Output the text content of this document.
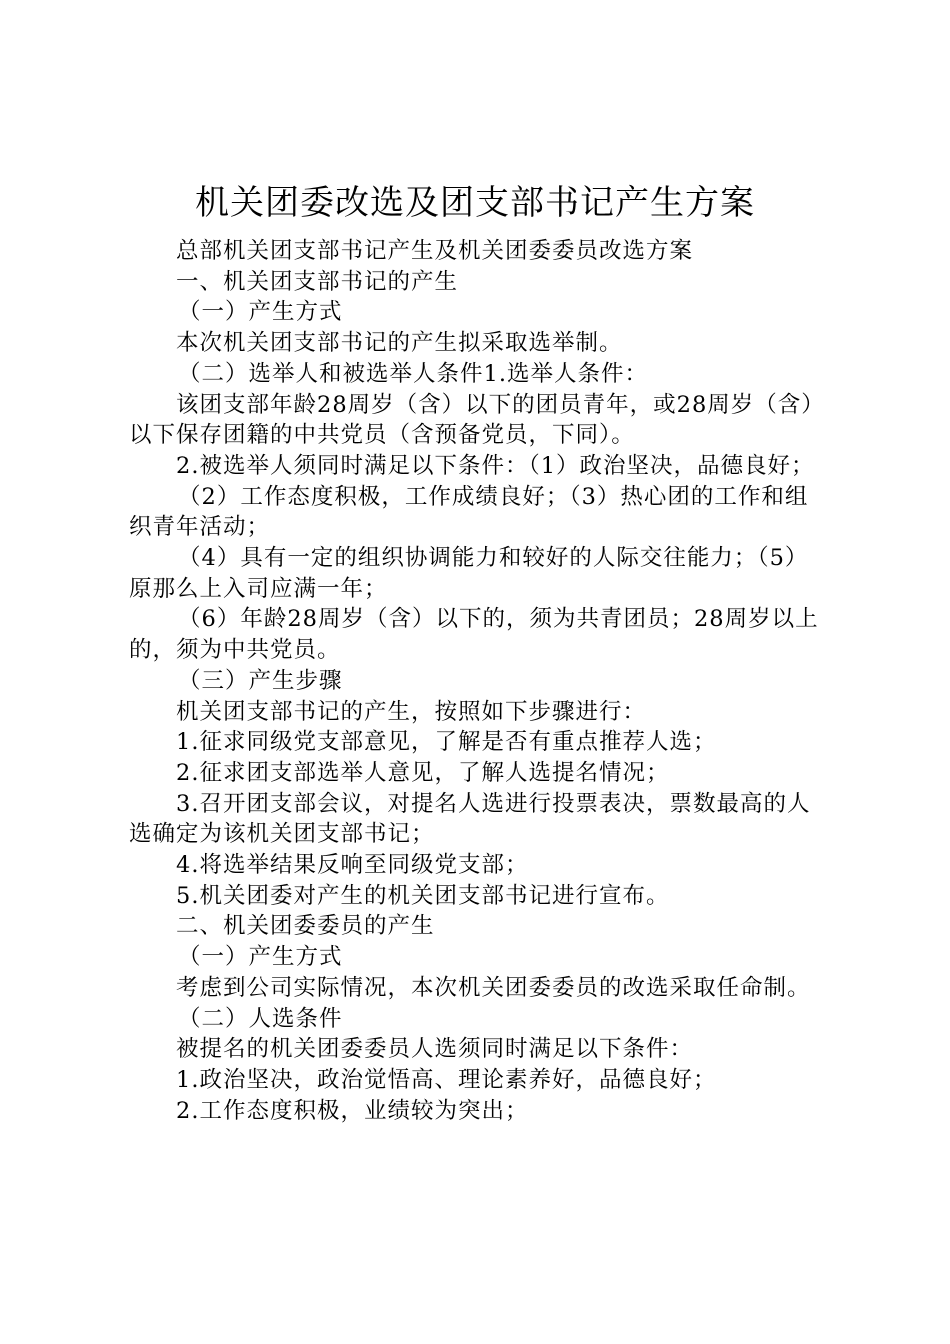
机关团委改选及团支部书记产生方案

总部机关团支部书记产生及机关团委委员改选方案

一、机关团支部书记的产生

（一）产生方式

本次机关团支部书记的产生拟采取选举制。

（二）选举人和被选举人条件1.选举人条件：

该团支部年龄28周岁（含）以下的团员青年，或28周岁（含）以下保存团籍的中共党员（含预备党员，下同）。

2.被选举人须同时满足以下条件：（1）政治坚决，品德良好；

（2）工作态度积极，工作成绩良好；（3）热心团的工作和组织青年活动；

（4）具有一定的组织协调能力和较好的人际交往能力；（5）原那么上入司应满一年；

（6）年龄28周岁（含）以下的，须为共青团员；28周岁以上的，须为中共党员。

（三）产生步骤

机关团支部书记的产生，按照如下步骤进行：

1.征求同级党支部意见，了解是否有重点推荐人选；

2.征求团支部选举人意见，了解人选提名情况；

3.召开团支部会议，对提名人选进行投票表决，票数最高的人选确定为该机关团支部书记；

4.将选举结果反响至同级党支部；

5.机关团委对产生的机关团支部书记进行宣布。

二、机关团委委员的产生

（一）产生方式

考虑到公司实际情况，本次机关团委委员的改选采取任命制。

（二）人选条件

被提名的机关团委委员人选须同时满足以下条件：

1.政治坚决，政治觉悟高、理论素养好，品德良好；

2.工作态度积极，业绩较为突出；
